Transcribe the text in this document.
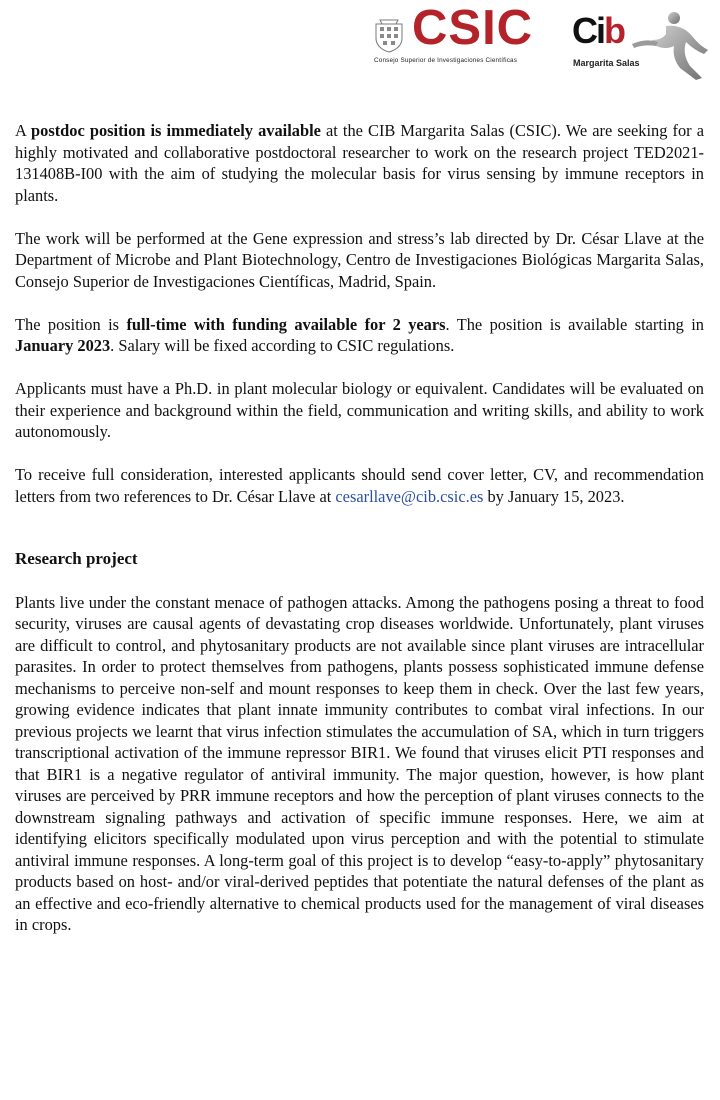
CSIC
Consejo Superior de Investigaciones Científicas
Cib
Margarita Salas

A postdoc position is immediately available at the CIB Margarita Salas (CSIC). We are seeking for a highly motivated and collaborative postdoctoral researcher to work on the research project TED2021-131408B-I00 with the aim of studying the molecular basis for virus sensing by immune receptors in plants.

The work will be performed at the Gene expression and stress’s lab directed by Dr. César Llave at the Department of Microbe and Plant Biotechnology, Centro de Investigaciones Biológicas Margarita Salas, Consejo Superior de Investigaciones Científicas, Madrid, Spain.

The position is full-time with funding available for 2 years. The position is available starting in January 2023. Salary will be fixed according to CSIC regulations.

Applicants must have a Ph.D. in plant molecular biology or equivalent. Candidates will be evaluated on their experience and background within the field, communication and writing skills, and ability to work autonomously.

To receive full consideration, interested applicants should send cover letter, CV, and recommendation letters from two references to Dr. César Llave at cesarllave@cib.csic.es by January 15, 2023.

Research project

Plants live under the constant menace of pathogen attacks. Among the pathogens posing a threat to food security, viruses are causal agents of devastating crop diseases worldwide. Unfortunately, plant viruses are difficult to control, and phytosanitary products are not available since plant viruses are intracellular parasites. In order to protect themselves from pathogens, plants possess sophisticated immune defense mechanisms to perceive non-self and mount responses to keep them in check. Over the last few years, growing evidence indicates that plant innate immunity contributes to combat viral infections. In our previous projects we learnt that virus infection stimulates the accumulation of SA, which in turn triggers transcriptional activation of the immune repressor BIR1. We found that viruses elicit PTI responses and that BIR1 is a negative regulator of antiviral immunity. The major question, however, is how plant viruses are perceived by PRR immune receptors and how the perception of plant viruses connects to the downstream signaling pathways and activation of specific immune responses. Here, we aim at identifying elicitors specifically modulated upon virus perception and with the potential to stimulate antiviral immune responses. A long-term goal of this project is to develop “easy-to-apply” phytosanitary products based on host- and/or viral-derived peptides that potentiate the natural defenses of the plant as an effective and eco-friendly alternative to chemical products used for the management of viral diseases in crops.
